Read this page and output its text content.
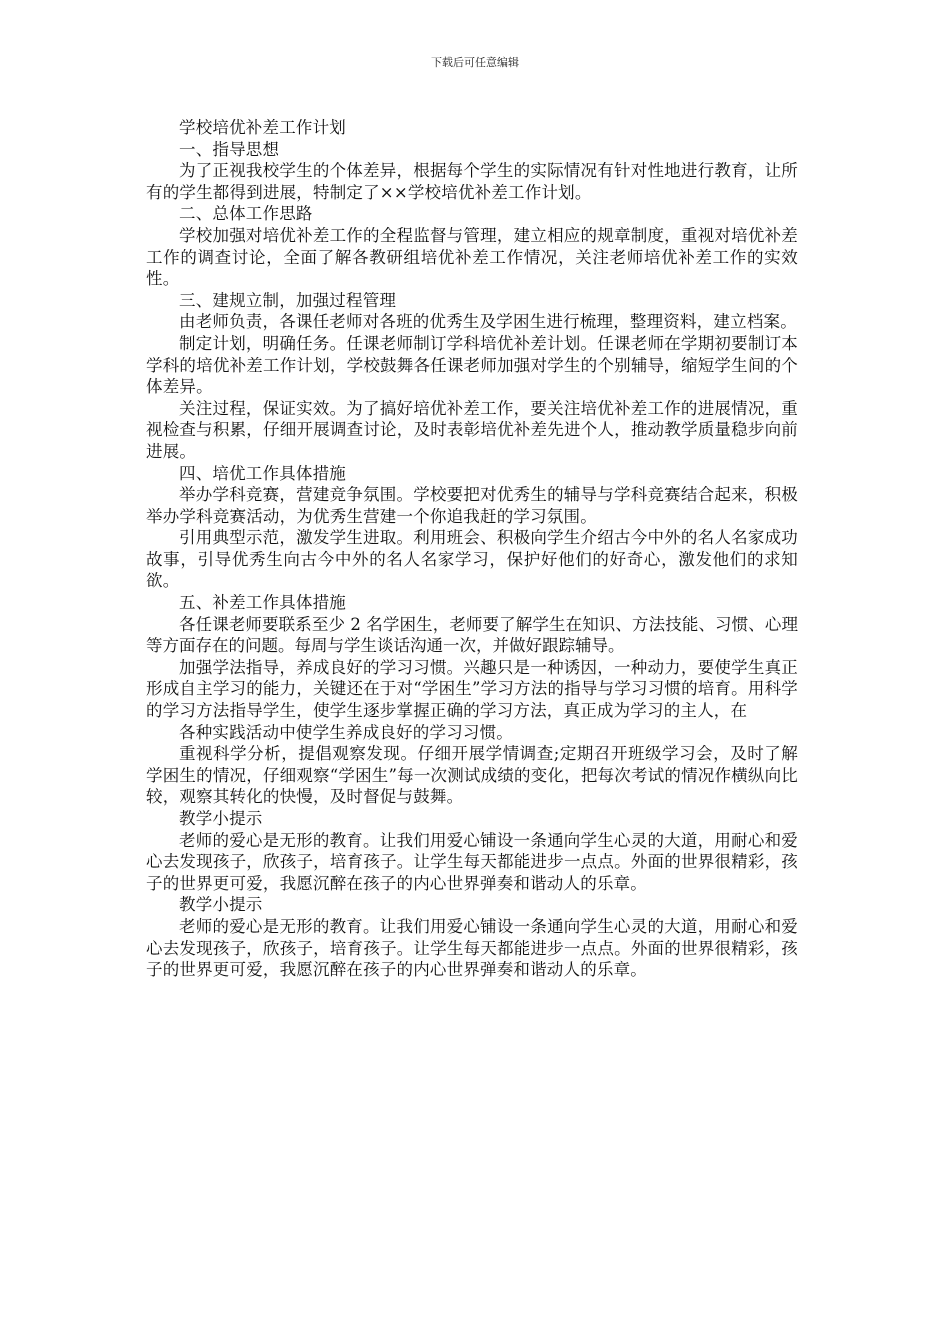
下载后可任意编辑

学校培优补差工作计划

一、指导思想

为了正视我校学生的个体差异，根据每个学生的实际情况有针对性地进行教育，让所有的学生都得到进展，特制定了××学校培优补差工作计划。

二、总体工作思路

学校加强对培优补差工作的全程监督与管理，建立相应的规章制度，重视对培优补差工作的调查讨论，全面了解各教研组培优补差工作情况，关注老师培优补差工作的实效性。

三、建规立制，加强过程管理

由老师负责，各课任老师对各班的优秀生及学困生进行梳理，整理资料，建立档案。

制定计划，明确任务。任课老师制订学科培优补差计划。任课老师在学期初要制订本学科的培优补差工作计划，学校鼓舞各任课老师加强对学生的个别辅导，缩短学生间的个体差异。

关注过程，保证实效。为了搞好培优补差工作，要关注培优补差工作的进展情况，重视检查与积累，仔细开展调查讨论，及时表彰培优补差先进个人，推动教学质量稳步向前进展。

四、培优工作具体措施

举办学科竞赛，营建竞争氛围。学校要把对优秀生的辅导与学科竞赛结合起来，积极举办学科竞赛活动，为优秀生营建一个你追我赶的学习氛围。

引用典型示范，激发学生进取。利用班会、积极向学生介绍古今中外的名人名家成功故事，引导优秀生向古今中外的名人名家学习，保护好他们的好奇心，激发他们的求知欲。

五、补差工作具体措施

各任课老师要联系至少 2 名学困生，老师要了解学生在知识、方法技能、习惯、心理等方面存在的问题。每周与学生谈话沟通一次，并做好跟踪辅导。

加强学法指导，养成良好的学习习惯。兴趣只是一种诱因，一种动力，要使学生真正形成自主学习的能力，关键还在于对“学困生”学习方法的指导与学习习惯的培育。用科学的学习方法指导学生，使学生逐步掌握正确的学习方法，真正成为学习的主人，在

各种实践活动中使学生养成良好的学习习惯。

重视科学分析，提倡观察发现。仔细开展学情调查;定期召开班级学习会，及时了解学困生的情况，仔细观察“学困生”每一次测试成绩的变化，把每次考试的情况作横纵向比较，观察其转化的快慢，及时督促与鼓舞。

教学小提示

老师的爱心是无形的教育。让我们用爱心铺设一条通向学生心灵的大道，用耐心和爱心去发现孩子，欣孩子，培育孩子。让学生每天都能进步一点点。外面的世界很精彩，孩子的世界更可爱，我愿沉醉在孩子的内心世界弹奏和谐动人的乐章。

教学小提示

老师的爱心是无形的教育。让我们用爱心铺设一条通向学生心灵的大道，用耐心和爱心去发现孩子，欣孩子，培育孩子。让学生每天都能进步一点点。外面的世界很精彩，孩子的世界更可爱，我愿沉醉在孩子的内心世界弹奏和谐动人的乐章。
